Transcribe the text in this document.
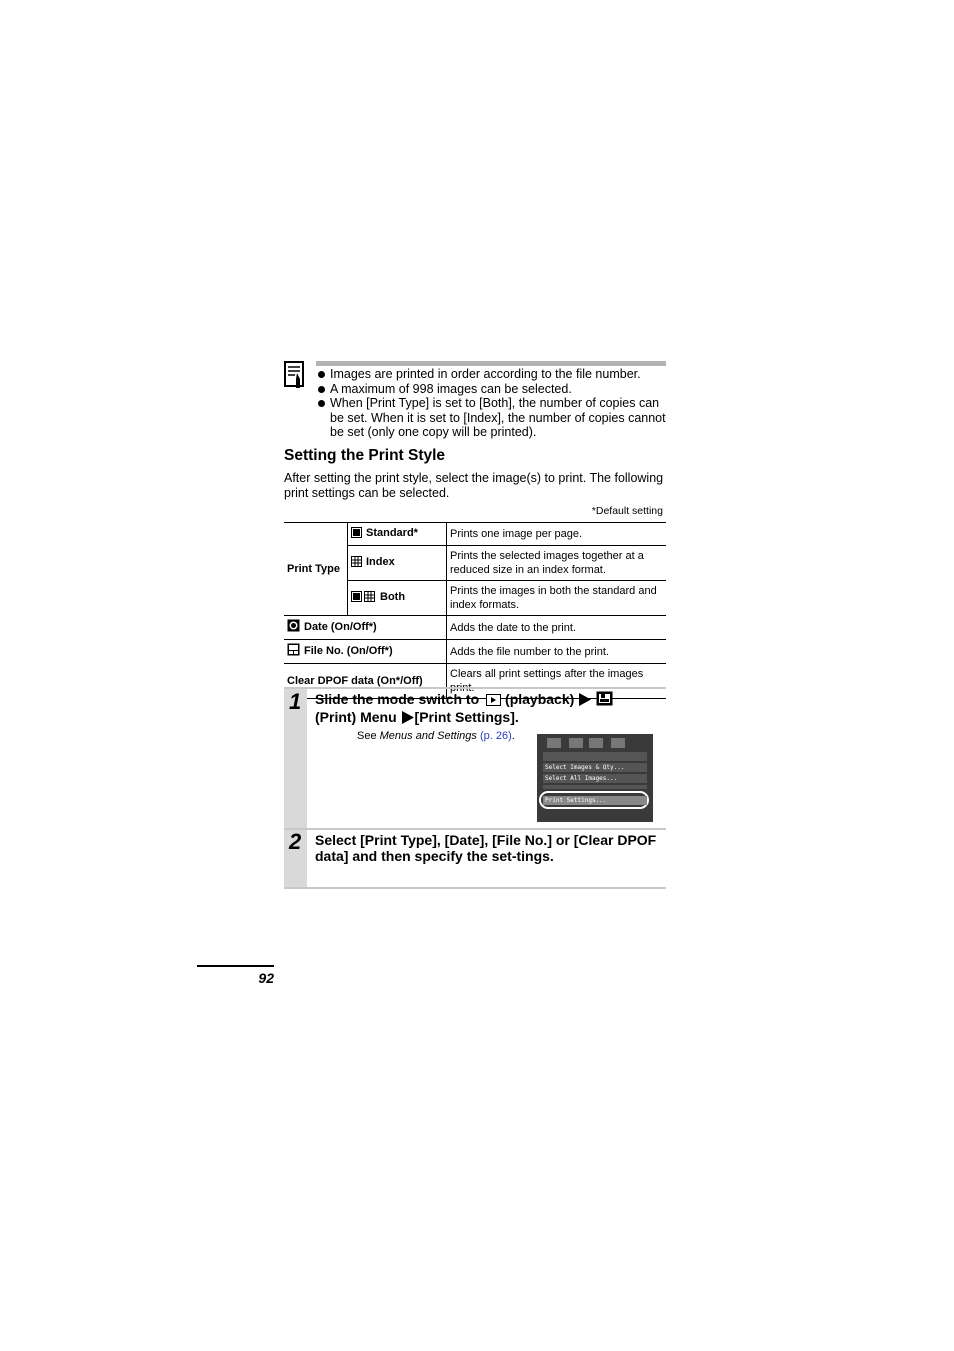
Images are printed in order according to the file number.
A maximum of 998 images can be selected.
When [Print Type] is set to [Both], the number of copies can be set. When it is set to [Index], the number of copies cannot be set (only one copy will be printed).
Setting the Print Style
After setting the print style, select the image(s) to print. The following print settings can be selected.
*Default setting
Print Type	Standard*	Prints one image per page.
	Index	Prints the selected images together at a reduced size in an index format.
	Both	Prints the images in both the standard and index formats.
Date (On/Off*)		Adds the date to the print.
File No. (On/Off*)		Adds the file number to the print.
Clear DPOF data (On*/Off)		Clears all print settings after the images
1 Slide the mode switch to (playback)
(Print) Menu [Print Settings].
See Menus and Settings (p. 26).
Select Images & Qty...
Select All Images...
Print Settings...
2 Select [Print Type], [Date], [File No.] or [Clear DPOF data] and then specify the set-tings.
92
